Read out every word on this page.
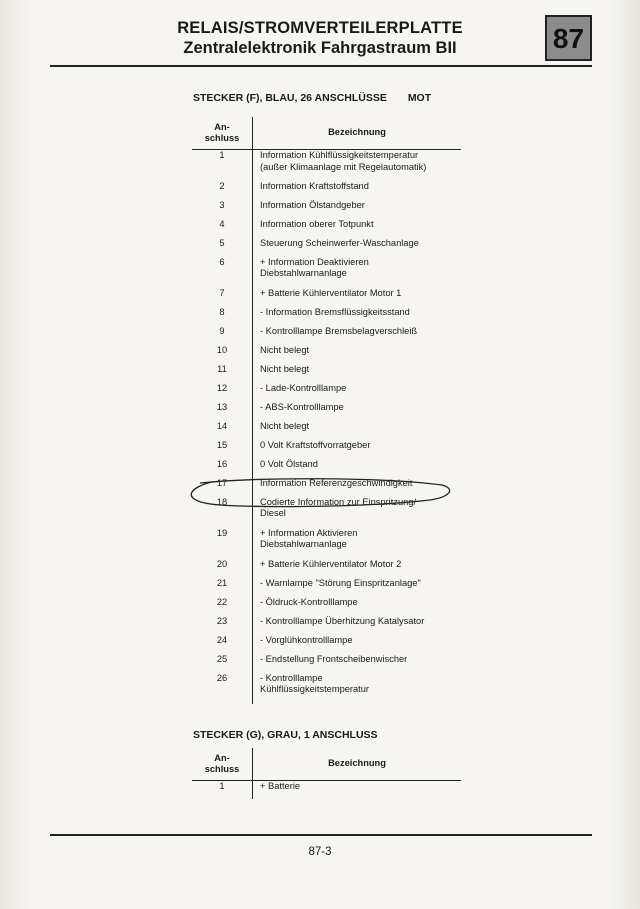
RELAIS/STROMVERTEILERPLATTE
Zentralelektronik Fahrgastraum BII	87
STECKER (F), BLAU, 26 ANSCHLÜSSE MOT
An-
schluss	Bezeichnung
1	Information Kühlflüssigkeitstemperatur
(außer Klimaanlage mit Regelautomatik)
2	Information Kraftstoffstand
3	Information Ölstandgeber
4	Information oberer Totpunkt
5	Steuerung Scheinwerfer-Waschanlage
6	+ Information Deaktivieren
Diebstahlwarnanlage
7	+ Batterie Kühlerventilator Motor 1
8	- Information Bremsflüssigkeitsstand
9	- Kontrolllampe Bremsbelagverschleiß
10	Nicht belegt
11	Nicht belegt
12	- Lade-Kontrolllampe
13	- ABS-Kontrolllampe
14	Nicht belegt
15	0 Volt Kraftstoffvorratgeber
16	0 Volt Ölstand
17	Information Referenzgeschwindigkeit
18	Codierte Information zur Einspritzung/
Diesel
19	+ Information Aktivieren
Diebstahlwarnanlage
20	+ Batterie Kühlerventilator Motor 2
21	- Warnlampe "Störung Einspritzanlage"
22	- Öldruck-Kontrolllampe
23	- Kontrolllampe Überhitzung Katalysator
24	- Vorglühkontrolllampe
25	- Endstellung Frontscheibenwischer
26	- Kontrolllampe
Kühlflüssigkeitstemperatur
STECKER (G), GRAU, 1 ANSCHLUSS
An-
schluss	Bezeichnung
1	+ Batterie
87-3
